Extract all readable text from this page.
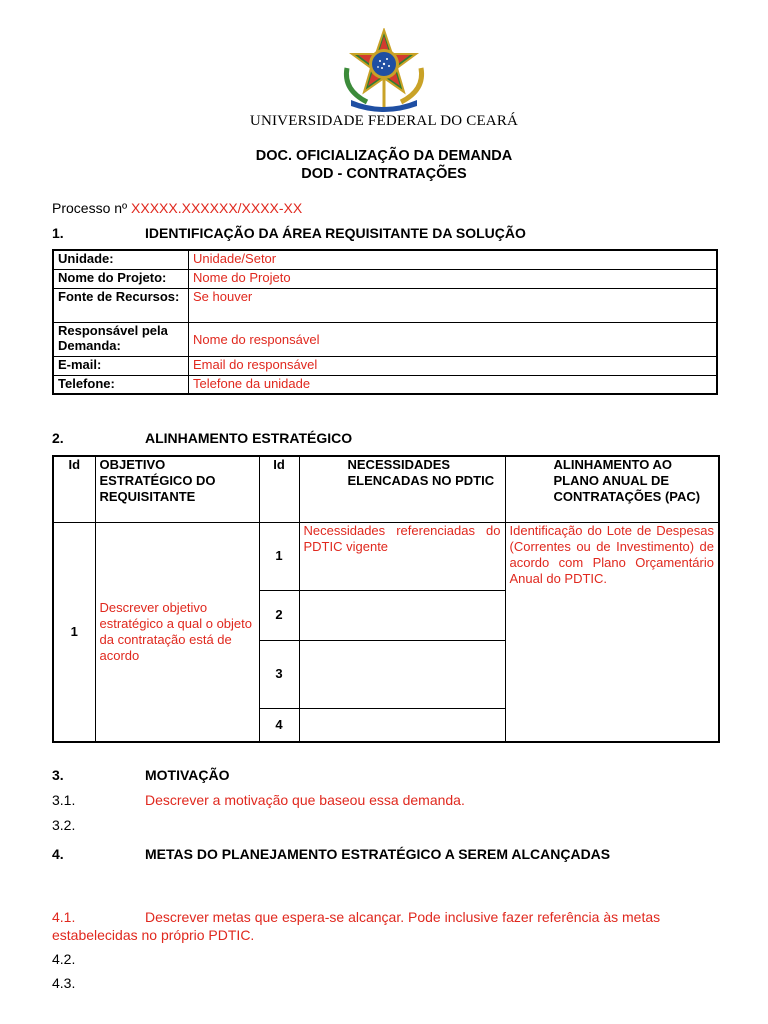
UNIVERSIDADE FEDERAL DO CEARÁ
DOC. OFICIALIZAÇÃO DA DEMANDA
DOD - CONTRATAÇÕES
Processo nº XXXXX.XXXXXX/XXXX-XX
1.	IDENTIFICAÇÃO DA ÁREA REQUISITANTE DA SOLUÇÃO
Unidade:	Unidade/Setor
Nome do Projeto:	Nome do Projeto
Fonte de Recursos:	Se houver
Responsável pela Demanda:	Nome do responsável
E-mail:	Email do responsável
Telefone:	Telefone da unidade
2.	ALINHAMENTO ESTRATÉGICO
Id	OBJETIVO ESTRATÉGICO DO REQUISITANTE	Id	NECESSIDADES ELENCADAS NO PDTIC	ALINHAMENTO AO PLANO ANUAL DE CONTRATAÇÕES (PAC)
1	Descrever objetivo estratégico a qual o objeto da contratação está de acordo	1	Necessidades referenciadas do PDTIC vigente	Identificação do Lote de Despesas (Correntes ou de Investimento) de acordo com Plano Orçamentário Anual do PDTIC.
		2		
		3		
		4		
3.	MOTIVAÇÃO
3.1.	Descrever a motivação que baseou essa demanda.
3.2.
4.	METAS DO PLANEJAMENTO ESTRATÉGICO A SEREM ALCANÇADAS
4.1.	Descrever metas que espera-se alcançar. Pode inclusive fazer referência às metas
estabelecidas no próprio PDTIC.
4.2.
4.3.
